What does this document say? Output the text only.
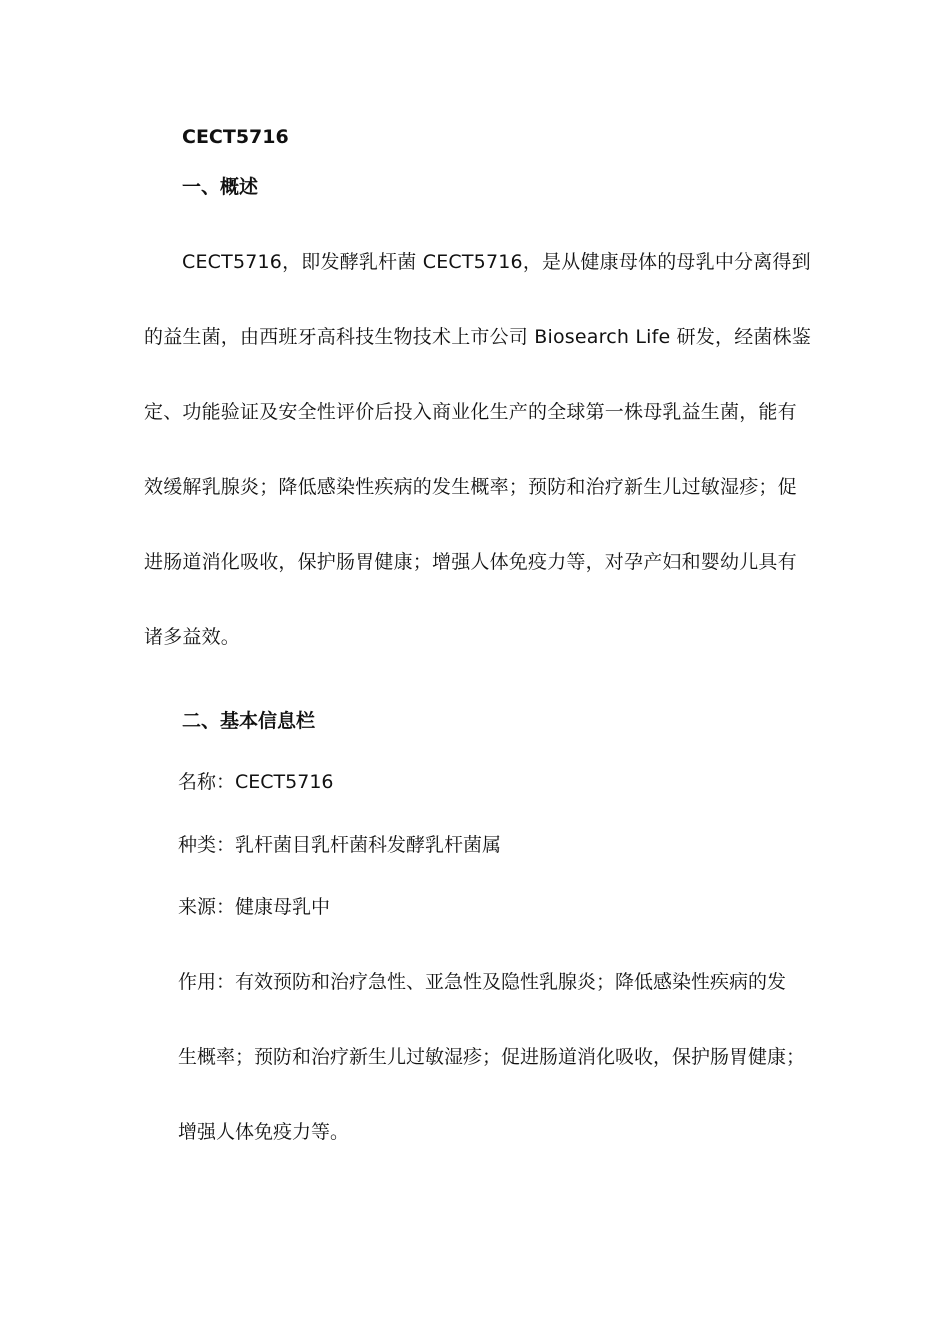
CECT5716
一、概述

CECT5716，即发酵乳杆菌 CECT5716，是从健康母体的母乳中分离得到
的益生菌，由西班牙高科技生物技术上市公司 Biosearch Life 研发，经菌株鉴
定、功能验证及安全性评价后投入商业化生产的全球第一株母乳益生菌，能有
效缓解乳腺炎；降低感染性疾病的发生概率；预防和治疗新生儿过敏湿疹；促
进肠道消化吸收，保护肠胃健康；增强人体免疫力等，对孕产妇和婴幼儿具有
诸多益效。

二、基本信息栏

名称：CECT5716

种类：乳杆菌目乳杆菌科发酵乳杆菌属

来源：健康母乳中

作用：有效预防和治疗急性、亚急性及隐性乳腺炎；降低感染性疾病的发
生概率；预防和治疗新生儿过敏湿疹；促进肠道消化吸收，保护肠胃健康；
增强人体免疫力等。
